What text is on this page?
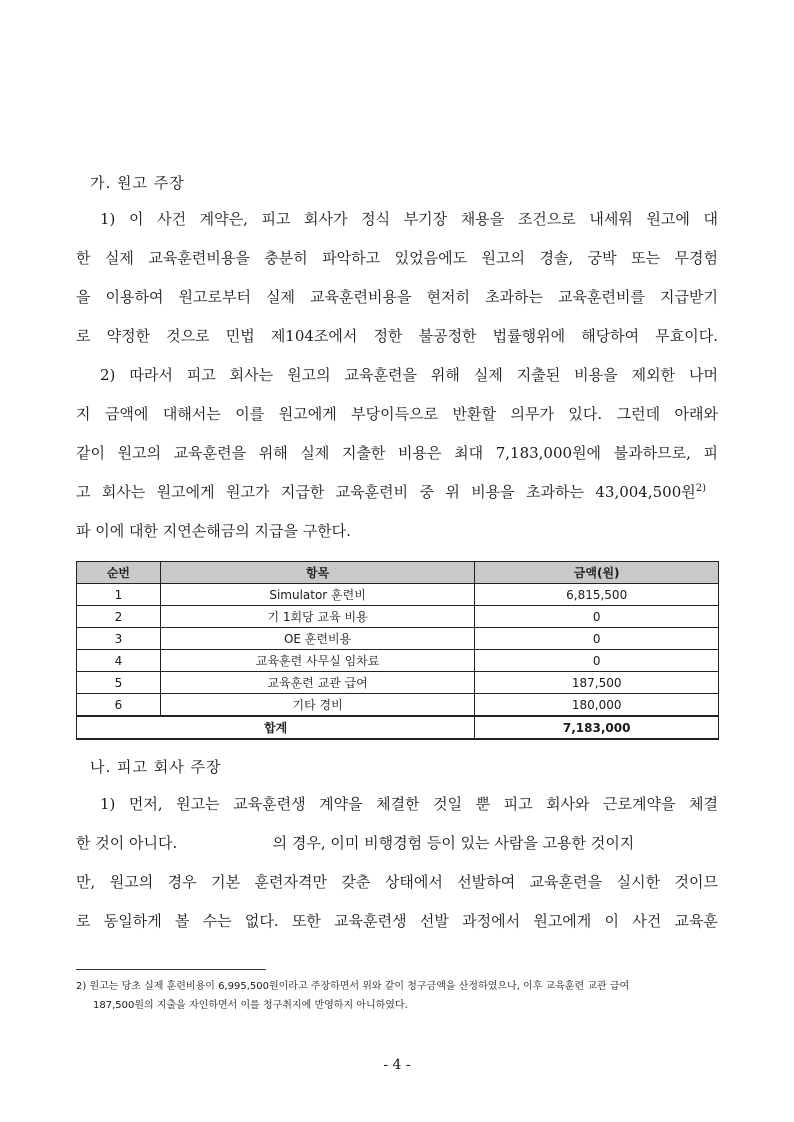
가. 원고 주장
1) 이 사건 계약은, 피고 회사가 정식 부기장 채용을 조건으로 내세워 원고에 대
한 실제 교육훈련비용을 충분히 파악하고 있었음에도 원고의 경솔, 궁박 또는 무경험
을 이용하여 원고로부터 실제 교육훈련비용을 현저히 초과하는 교육훈련비를 지급받기
로 약정한 것으로 민법 제104조에서 정한 불공정한 법률행위에 해당하여 무효이다.
2) 따라서 피고 회사는 원고의 교육훈련을 위해 실제 지출된 비용을 제외한 나머
지 금액에 대해서는 이를 원고에게 부당이득으로 반환할 의무가 있다. 그런데 아래와
같이 원고의 교육훈련을 위해 실제 지출한 비용은 최대 7,183,000원에 불과하므로, 피
고 회사는 원고에게 원고가 지급한 교육훈련비 중 위 비용을 초과하는 43,004,500원$^{2)}$
파 이에 대한 지연손해금의 지급을 구한다.
순번	항목	금액(원)
1	Simulator 훈련비	6,815,500
2	기 1회당 교육 비용	0
3	OE 훈련비용	0
4	교육훈련 사무실 임차료	0
5	교육훈련 교관 급여	187,500
6	기타 경비	180,000
합계		7,183,000
나. 피고 회사 주장
1) 먼저, 원고는 교육훈련생 계약을 체결한 것일 뿐 피고 회사와 근로계약을 체결
한 것이 아니다.                    의 경우, 이미 비행경험 등이 있는 사람을 고용한 것이지
만, 원고의 경우 기본 훈련자격만 갖춘 상태에서 선발하여 교육훈련을 실시한 것이므
로 동일하게 볼 수는 없다. 또한 교육훈련생 선발 과정에서 원고에게 이 사건 교육훈
2) 원고는 당초 실제 훈련비용이 6,995,500원이라고 주장하면서 위와 같이 청구금액을 산정하였으나, 이후 교육훈련 교관 급여
187,500원의 지출을 자인하면서 이를 청구취지에 반영하지 아니하였다.
- 4 -
